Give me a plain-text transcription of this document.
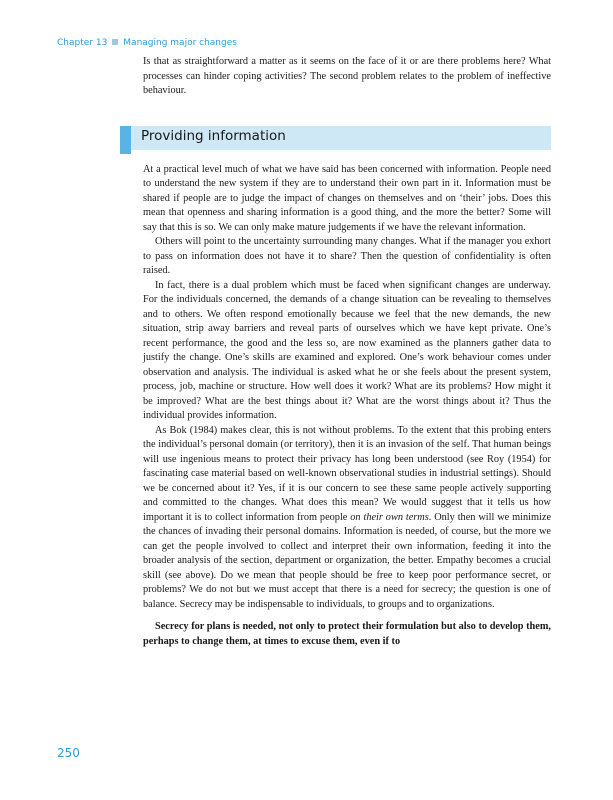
Chapter 13 Managing major changes

Is that as straightforward a matter as it seems on the face of it or are there problems here? What processes can hinder coping activities? The second problem relates to the problem of ineffective behaviour.

Providing information

At a practical level much of what we have said has been concerned with information. People need to understand the new system if they are to understand their own part in it. Information must be shared if people are to judge the impact of changes on themselves and on ‘their’ jobs. Does this mean that openness and sharing information is a good thing, and the more the better? Some will say that this is so. We can only make mature judgements if we have the relevant information.

Others will point to the uncertainty surrounding many changes. What if the manager you exhort to pass on information does not have it to share? Then the question of confidentiality is often raised.

In fact, there is a dual problem which must be faced when significant changes are underway. For the individuals concerned, the demands of a change situation can be revealing to themselves and to others. We often respond emotionally because we feel that the new demands, the new situation, strip away barriers and reveal parts of ourselves which we have kept private. One’s recent performance, the good and the less so, are now examined as the planners gather data to justify the change. One’s skills are examined and explored. One’s work behaviour comes under observation and analysis. The individual is asked what he or she feels about the present system, process, job, machine or structure. How well does it work? What are its problems? How might it be improved? What are the best things about it? What are the worst things about it? Thus the individual provides information.

As Bok (1984) makes clear, this is not without problems. To the extent that this probing enters the individual’s personal domain (or territory), then it is an invasion of the self. That human beings will use ingenious means to protect their privacy has long been understood (see Roy (1954) for fascinating case material based on well-known observational studies in industrial settings). Should we be concerned about it? Yes, if it is our concern to see these same people actively supporting and committed to the changes. What does this mean? We would suggest that it tells us how important it is to collect information from people on their own terms. Only then will we minimize the chances of invading their personal domains. Information is needed, of course, but the more we can get the people involved to collect and interpret their own information, feeding it into the broader analysis of the section, department or organization, the better. Empathy becomes a crucial skill (see above). Do we mean that people should be free to keep poor performance secret, or problems? We do not but we must accept that there is a need for secrecy; the question is one of balance. Secrecy may be indispensable to individuals, to groups and to organizations.

Secrecy for plans is needed, not only to protect their formulation but also to develop them, perhaps to change them, at times to excuse them, even if to

250
